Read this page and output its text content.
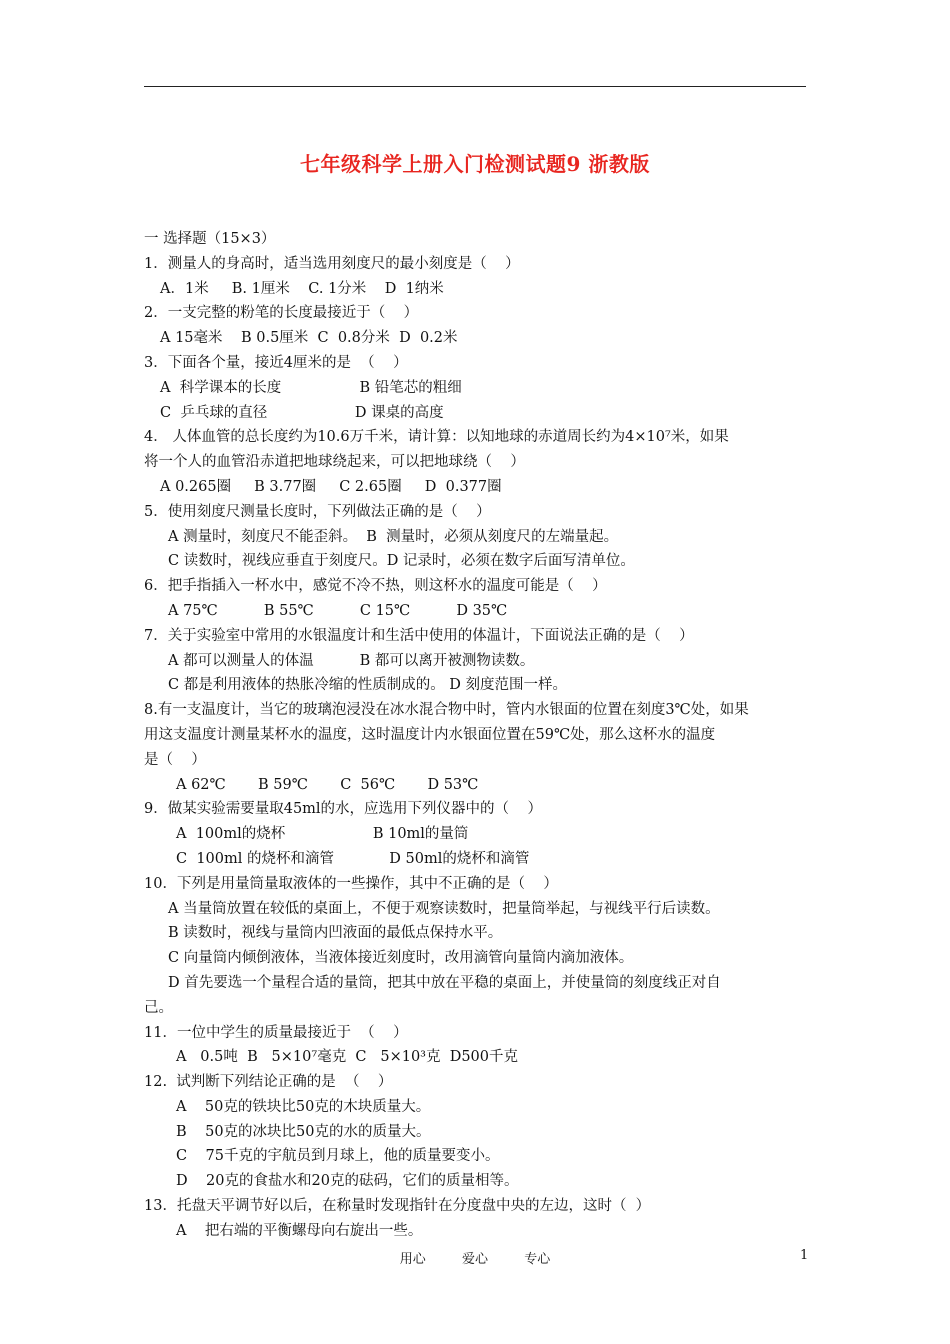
七年级科学上册入门检测试题9 浙教版
一 选择题（15×3）
1．测量人的身高时，适当选用刻度尺的最小刻度是（    ）
A．1米     B. 1厘米    C. 1分米    D  1纳米
2．一支完整的粉笔的长度最接近于（    ）
A 15毫米    B 0.5厘米  C  0.8分米  D  0.2米
3．下面各个量，接近4厘米的是  （    ）
A  科学课本的长度                 B 铅笔芯的粗细
C  乒乓球的直径                   D 课桌的高度
4． 人体血管的总长度约为10.6万千米，请计算：以知地球的赤道周长约为4×10⁷米，如果
将一个人的血管沿赤道把地球绕起来，可以把地球绕（    ）
A 0.265圈     B 3.77圈     C 2.65圈     D  0.377圈
5．使用刻度尺测量长度时，下列做法正确的是（    ）
A 测量时，刻度尺不能歪斜。  B  测量时，必须从刻度尺的左端量起。
C 读数时，视线应垂直于刻度尺。D 记录时，必须在数字后面写清单位。
6．把手指插入一杯水中，感觉不冷不热，则这杯水的温度可能是（    ）
A 75℃          B 55℃          C 15℃          D 35℃
7．关于实验室中常用的水银温度计和生活中使用的体温计，下面说法正确的是（    ）
A 都可以测量人的体温          B 都可以离开被测物读数。
C 都是利用液体的热胀冷缩的性质制成的。 D 刻度范围一样。
8.有一支温度计，当它的玻璃泡浸没在冰水混合物中时，管内水银面的位置在刻度3℃处，如果
用这支温度计测量某杯水的温度，这时温度计内水银面位置在59℃处，那么这杯水的温度
是（    ）
A 62℃       B 59℃       C  56℃       D 53℃
9．做某实验需要量取45ml的水，应选用下列仪器中的（    ）
A  100ml的烧杯                   B 10ml的量筒
C  100ml 的烧杯和滴管            D 50ml的烧杯和滴管
10．下列是用量筒量取液体的一些操作，其中不正确的是（    ）
A 当量筒放置在较低的桌面上，不便于观察读数时，把量筒举起，与视线平行后读数。
B 读数时，视线与量筒内凹液面的最低点保持水平。
C 向量筒内倾倒液体，当液体接近刻度时，改用滴管向量筒内滴加液体。
D 首先要选一个量程合适的量筒，把其中放在平稳的桌面上，并使量筒的刻度线正对自
己。
11．一位中学生的质量最接近于  （    ）
A   0.5吨  B   5×10⁷毫克  C   5×10³克  D500千克
12.  试判断下列结论正确的是  （    ）
A    50克的铁块比50克的木块质量大。
B    50克的冰块比50克的水的质量大。
C    75千克的宇航员到月球上，他的质量要变小。
D    20克的食盐水和20克的砝码，它们的质量相等。
13．托盘天平调节好以后，在称量时发现指针在分度盘中央的左边，这时（  ）
A    把右端的平衡螺母向右旋出一些。
用心  爱心  专心	1
